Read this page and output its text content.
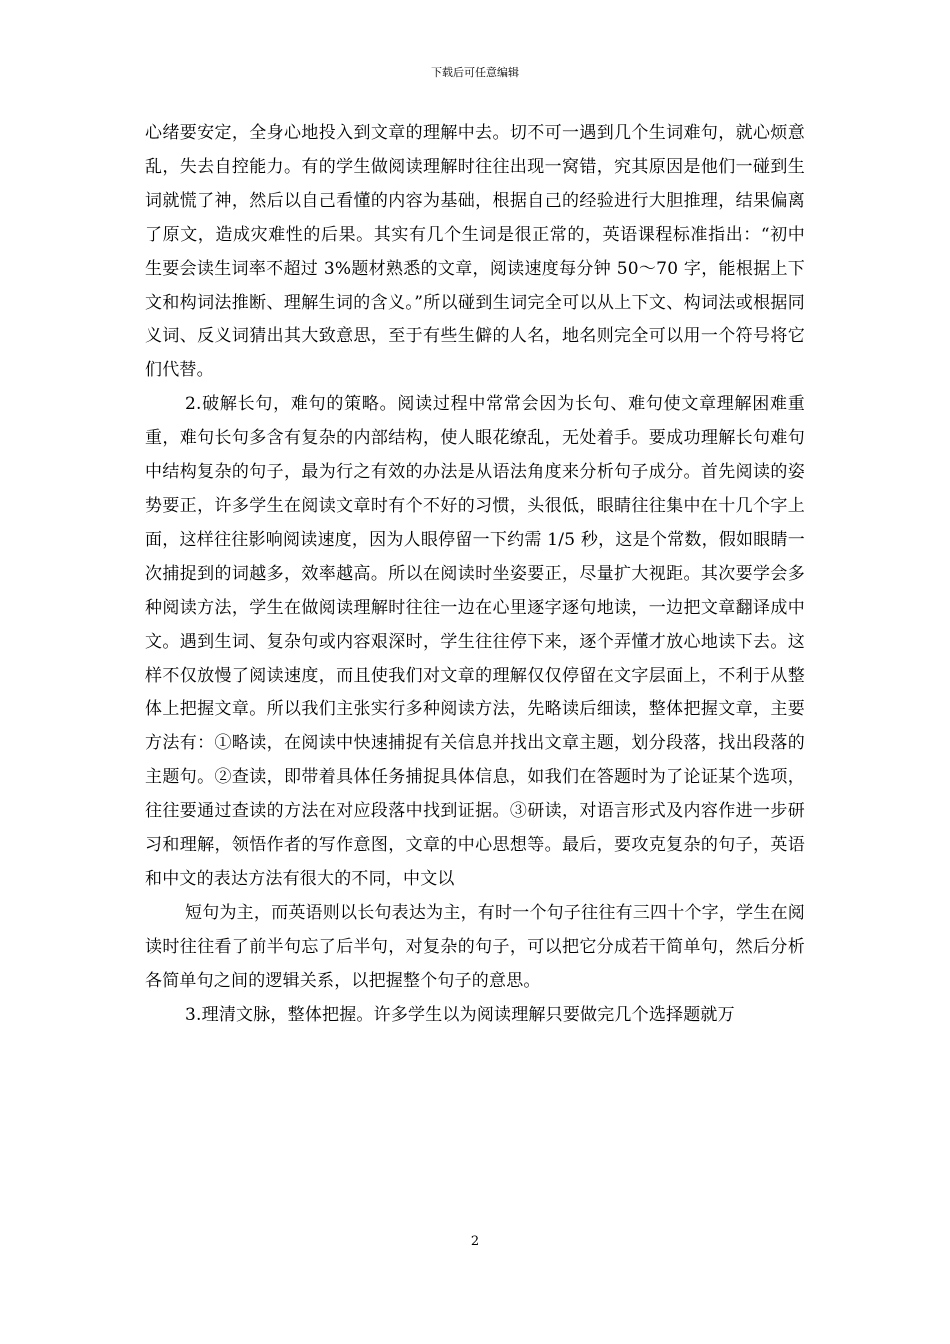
下载后可任意编辑

心绪要安定，全身心地投入到文章的理解中去。切不可一遇到几个生词难句，就心烦意乱，失去自控能力。有的学生做阅读理解时往往出现一窝错，究其原因是他们一碰到生词就慌了神，然后以自己看懂的内容为基础，根据自己的经验进行大胆推理，结果偏离了原文，造成灾难性的后果。其实有几个生词是很正常的，英语课程标准指出：“初中生要会读生词率不超过 3%题材熟悉的文章，阅读速度每分钟 50～70 字，能根据上下文和构词法推断、理解生词的含义。”所以碰到生词完全可以从上下文、构词法或根据同义词、反义词猜出其大致意思，至于有些生僻的人名，地名则完全可以用一个符号将它们代替。

2.破解长句，难句的策略。阅读过程中常常会因为长句、难句使文章理解困难重重，难句长句多含有复杂的内部结构，使人眼花缭乱，无处着手。要成功理解长句难句中结构复杂的句子，最为行之有效的办法是从语法角度来分析句子成分。首先阅读的姿势要正，许多学生在阅读文章时有个不好的习惯，头很低，眼睛往往集中在十几个字上面，这样往往影响阅读速度，因为人眼停留一下约需 1/5 秒，这是个常数，假如眼睛一次捕捉到的词越多，效率越高。所以在阅读时坐姿要正，尽量扩大视距。其次要学会多种阅读方法，学生在做阅读理解时往往一边在心里逐字逐句地读，一边把文章翻译成中文。遇到生词、复杂句或内容艰深时，学生往往停下来，逐个弄懂才放心地读下去。这样不仅放慢了阅读速度，而且使我们对文章的理解仅仅停留在文字层面上，不利于从整体上把握文章。所以我们主张实行多种阅读方法，先略读后细读，整体把握文章，主要方法有：①略读，在阅读中快速捕捉有关信息并找出文章主题，划分段落，找出段落的主题句。②查读，即带着具体任务捕捉具体信息，如我们在答题时为了论证某个选项，往往要通过查读的方法在对应段落中找到证据。③研读，对语言形式及内容作进一步研习和理解，领悟作者的写作意图，文章的中心思想等。最后，要攻克复杂的句子，英语和中文的表达方法有很大的不同，中文以

短句为主，而英语则以长句表达为主，有时一个句子往往有三四十个字，学生在阅读时往往看了前半句忘了后半句，对复杂的句子，可以把它分成若干简单句，然后分析各简单句之间的逻辑关系，以把握整个句子的意思。

3.理清文脉，整体把握。许多学生以为阅读理解只要做完几个选择题就万

2
